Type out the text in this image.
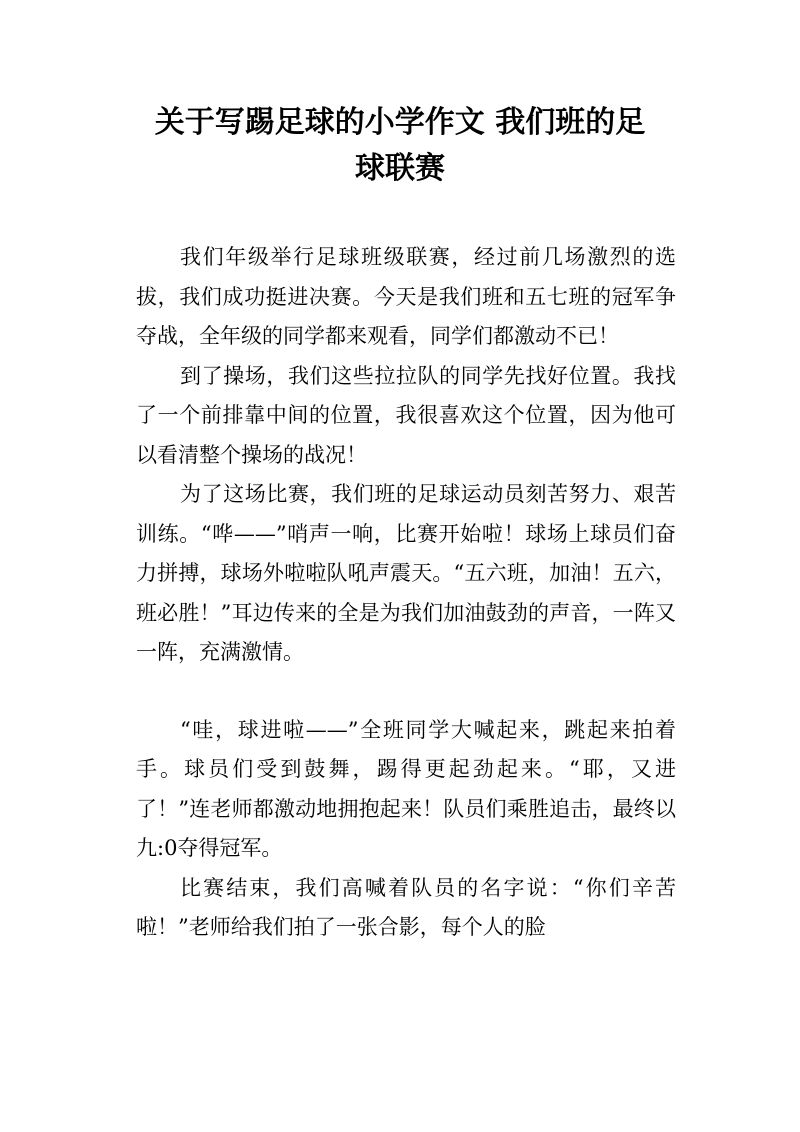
关于写踢足球的小学作文 我们班的足
球联赛

我们年级举行足球班级联赛，经过前几场激烈的选拔，我们成功挺进决赛。今天是我们班和五七班的冠军争夺战，全年级的同学都来观看，同学们都激动不已！

到了操场，我们这些拉拉队的同学先找好位置。我找了一个前排靠中间的位置，我很喜欢这个位置，因为他可以看清整个操场的战况！

为了这场比赛，我们班的足球运动员刻苦努力、艰苦训练。“哗——”哨声一响，比赛开始啦！球场上球员们奋力拼搏，球场外啦啦队吼声震天。“五六班，加油！五六，班必胜！”耳边传来的全是为我们加油鼓劲的声音，一阵又一阵，充满激情。

“哇，球进啦——”全班同学大喊起来，跳起来拍着手。球员们受到鼓舞，踢得更起劲起来。“耶，又进了！”连老师都激动地拥抱起来！队员们乘胜追击，最终以九:0夺得冠军。

比赛结束，我们高喊着队员的名字说：“你们辛苦啦！”老师给我们拍了一张合影，每个人的脸
